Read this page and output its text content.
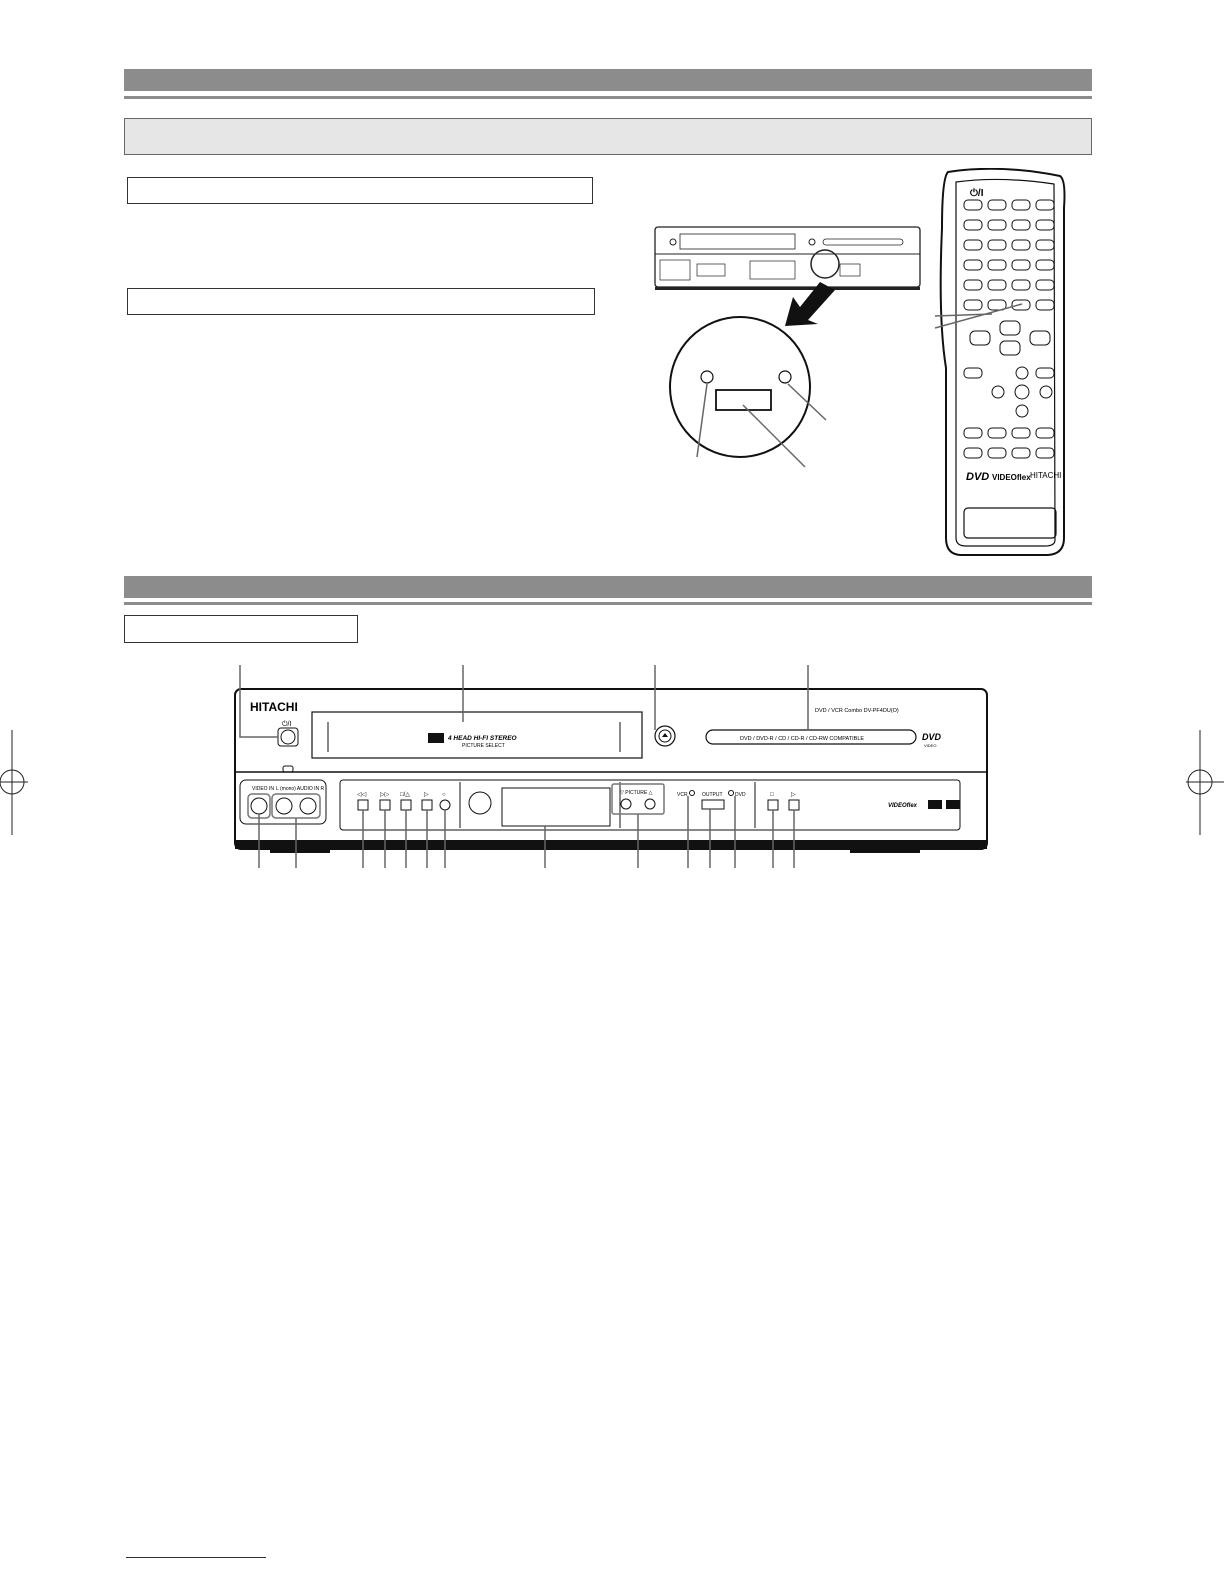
⏻/I
DVD VIDEOflex HITACHI
HITACHI	DVD / VCR Combo DV-PF4DU(O)
⏻/I
4 HEAD HI-FI STEREO
PICTURE SELECT
DVD / DVD-R / CD / CD-R / CD-RW COMPATIBLE	DVD
VIDEO
VIDEO IN L (mono) AUDIO IN R
◁◁ ▷▷ □/△ ▷ ○	▽ PICTURE △	VCR	OUTPUT DVD	□	▷
VIDEOflex
